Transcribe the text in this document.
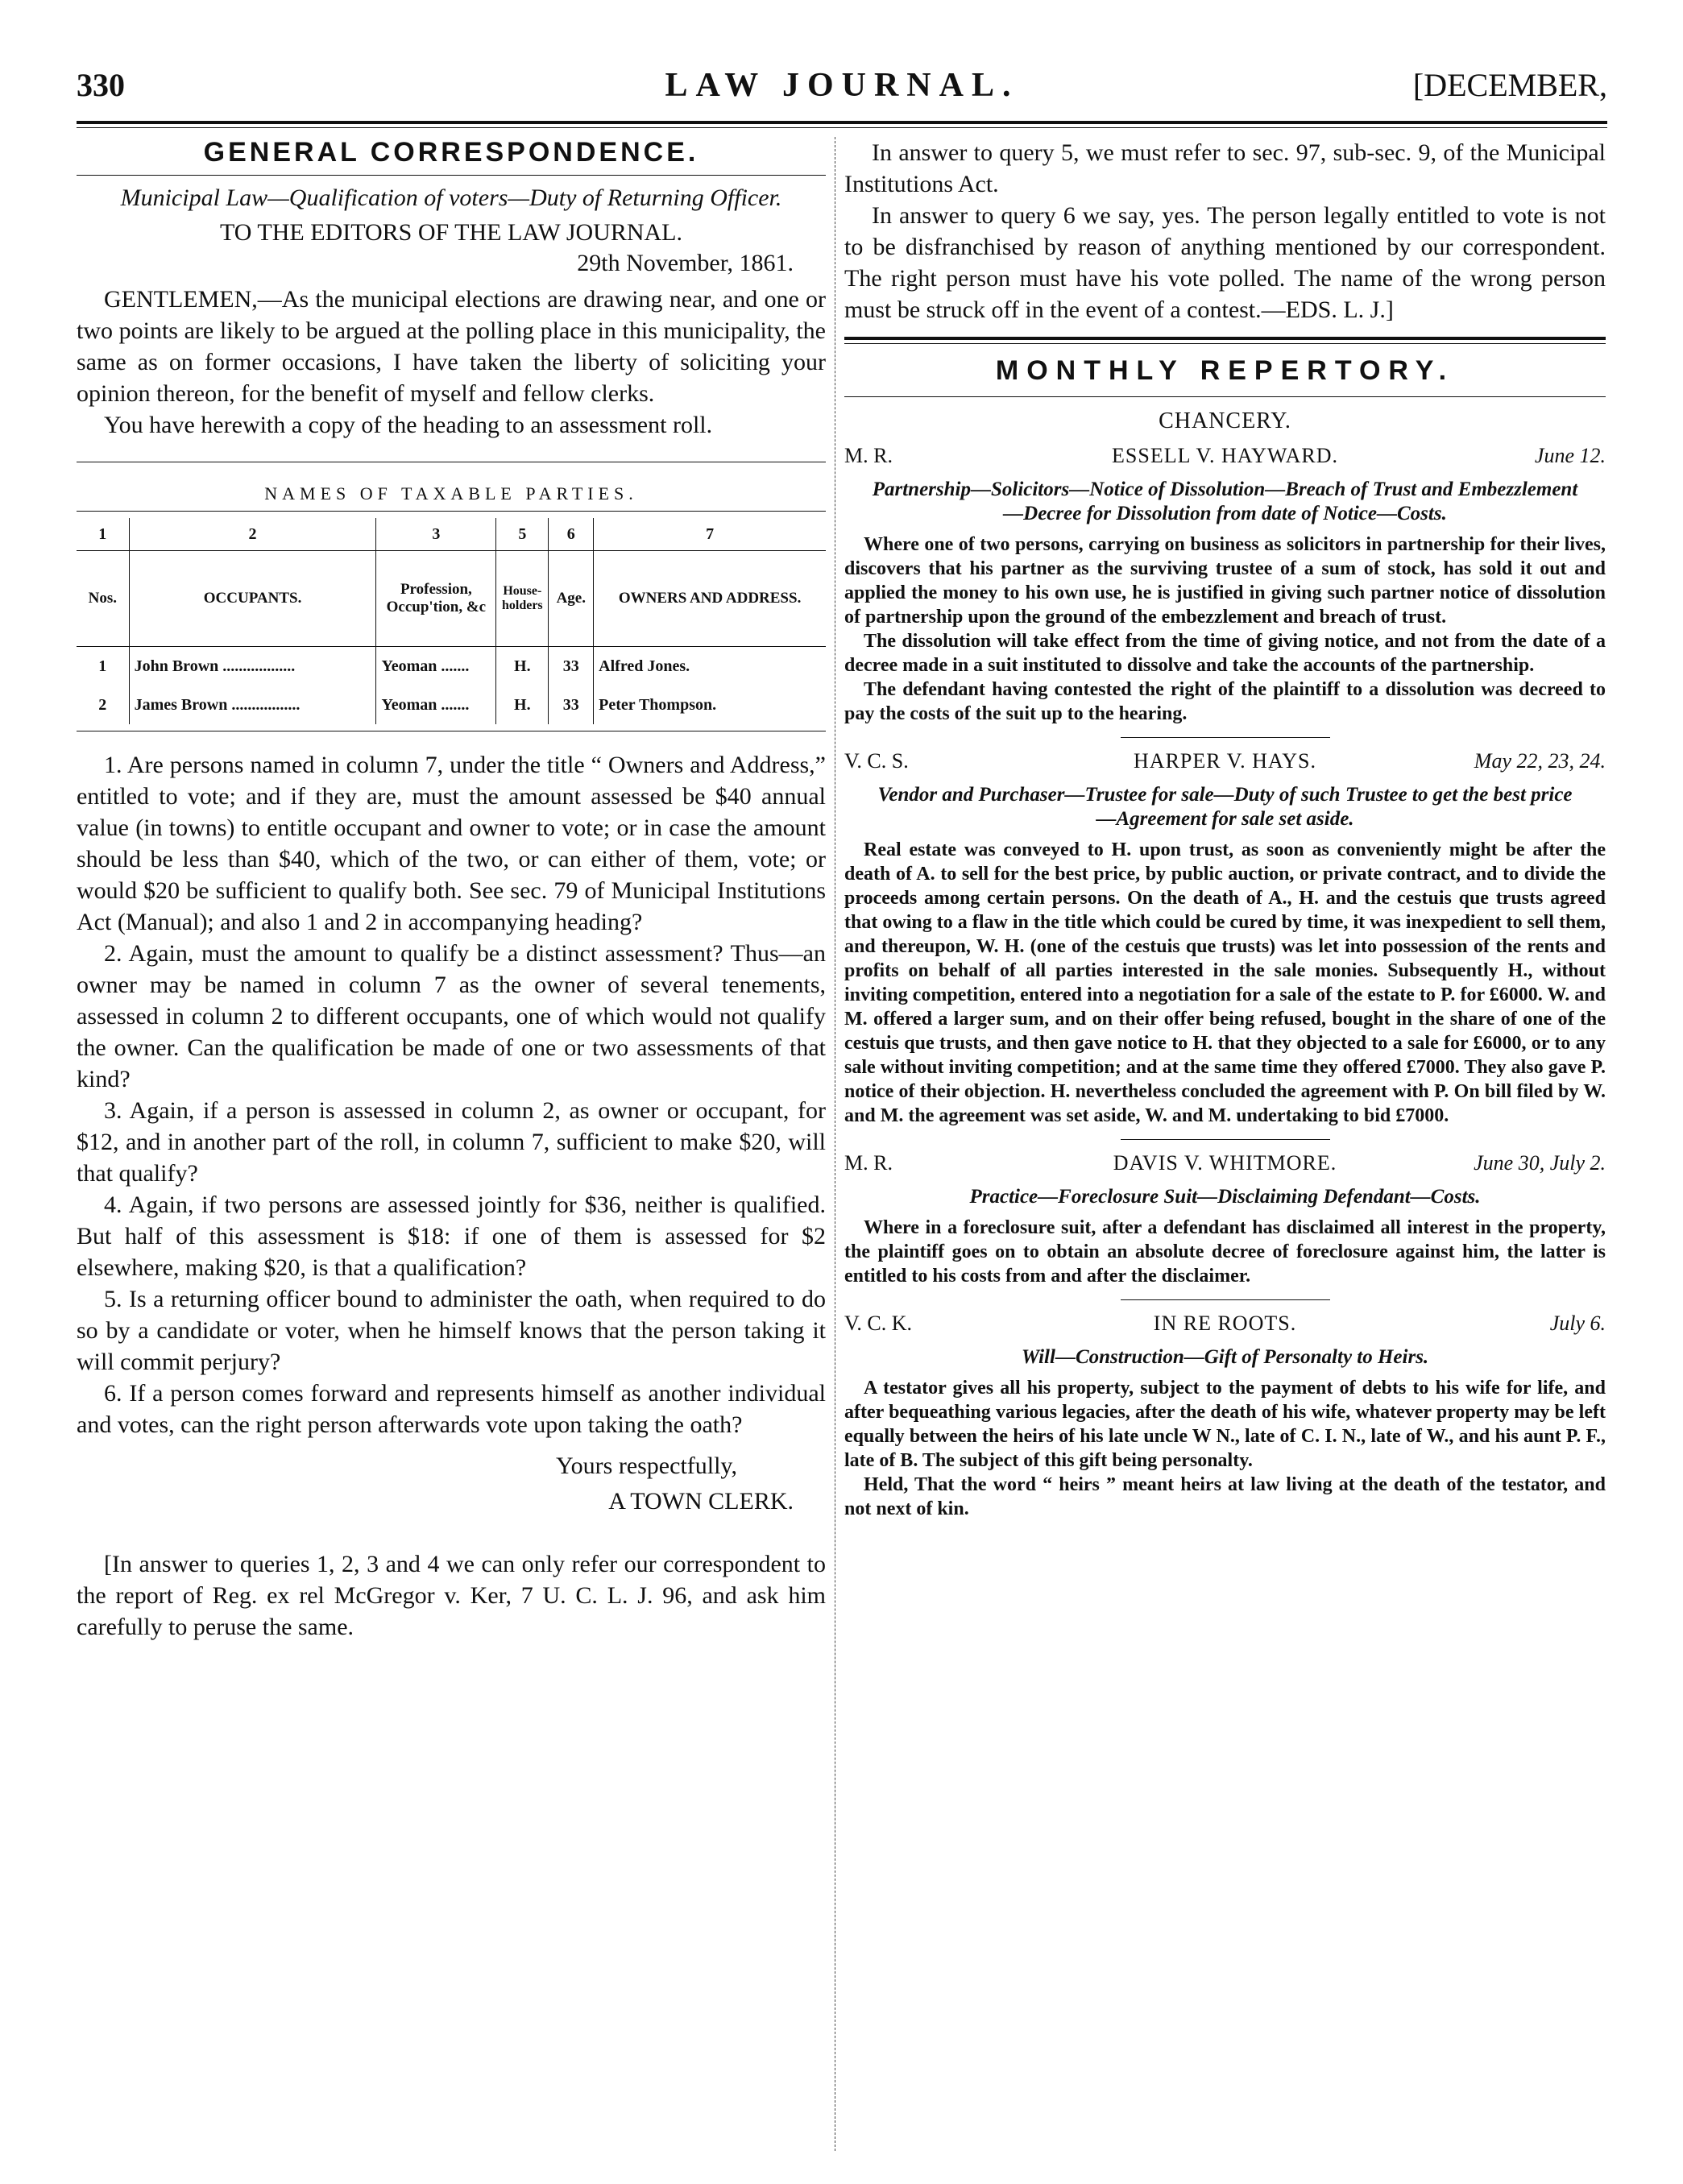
330	LAW JOURNAL.	[DECEMBER,
GENERAL CORRESPONDENCE.
Municipal Law—Qualification of voters—Duty of Returning Officer.
TO THE EDITORS OF THE LAW JOURNAL.
29th November, 1861.

GENTLEMEN,—As the municipal elections are drawing near, and one or two points are likely to be argued at the polling place in this municipality, the same as on former occasions, I have taken the liberty of soliciting your opinion thereon, for the benefit of myself and fellow clerks.

You have herewith a copy of the heading to an assessment roll.

NAMES OF TAXABLE PARTIES.
1	2	3	5	6	7
Nos.	OCCUPANTS.	Profession, Occup'tion, &c	House-holders	Age.	OWNERS AND ADDRESS.
1	John Brown ..................	Yeoman .......	H.	33	Alfred Jones.
2	James Brown .................	Yeoman .......	H.	33	Peter Thompson.

1. Are persons named in column 7, under the title “ Owners and Address,” entitled to vote; and if they are, must the amount assessed be $40 annual value (in towns) to entitle occupant and owner to vote; or in case the amount should be less than $40, which of the two, or can either of them, vote; or would $20 be sufficient to qualify both. See sec. 79 of Municipal Institutions Act (Manual); and also 1 and 2 in accompanying heading?

2. Again, must the amount to qualify be a distinct assessment? Thus—an owner may be named in column 7 as the owner of several tenements, assessed in column 2 to different occupants, one of which would not qualify the owner. Can the qualification be made of one or two assessments of that kind?

3. Again, if a person is assessed in column 2, as owner or occupant, for $12, and in another part of the roll, in column 7, sufficient to make $20, will that qualify?

4. Again, if two persons are assessed jointly for $36, neither is qualified. But half of this assessment is $18: if one of them is assessed for $2 elsewhere, making $20, is that a qualification?

5. Is a returning officer bound to administer the oath, when required to do so by a candidate or voter, when he himself knows that the person taking it will commit perjury?

6. If a person comes forward and represents himself as another individual and votes, can the right person afterwards vote upon taking the oath?

Yours respectfully,
A TOWN CLERK.

[In answer to queries 1, 2, 3 and 4 we can only refer our correspondent to the report of Reg. ex rel McGregor v. Ker, 7 U. C. L. J. 96, and ask him carefully to peruse the same.

In answer to query 5, we must refer to sec. 97, sub-sec. 9, of the Municipal Institutions Act.

In answer to query 6 we say, yes. The person legally entitled to vote is not to be disfranchised by reason of anything mentioned by our correspondent. The right person must have his vote polled. The name of the wrong person must be struck off in the event of a contest.—EDS. L. J.]

MONTHLY REPERTORY.
CHANCERY.
M. R.	ESSELL V. HAYWARD.	June 12.
Partnership—Solicitors—Notice of Dissolution—Breach of Trust and Embezzlement—Decree for Dissolution from date of Notice—Costs.

Where one of two persons, carrying on business as solicitors in partnership for their lives, discovers that his partner as the surviving trustee of a sum of stock, has sold it out and applied the money to his own use, he is justified in giving such partner notice of dissolution of partnership upon the ground of the embezzlement and breach of trust.

The dissolution will take effect from the time of giving notice, and not from the date of a decree made in a suit instituted to dissolve and take the accounts of the partnership.

The defendant having contested the right of the plaintiff to a dissolution was decreed to pay the costs of the suit up to the hearing.

V. C. S.	HARPER V. HAYS.	May 22, 23, 24.
Vendor and Purchaser—Trustee for sale—Duty of such Trustee to get the best price—Agreement for sale set aside.

Real estate was conveyed to H. upon trust, as soon as conveniently might be after the death of A. to sell for the best price, by public auction, or private contract, and to divide the proceeds among certain persons. On the death of A., H. and the cestuis que trusts agreed that owing to a flaw in the title which could be cured by time, it was inexpedient to sell them, and thereupon, W. H. (one of the cestuis que trusts) was let into possession of the rents and profits on behalf of all parties interested in the sale monies. Subsequently H., without inviting competition, entered into a negotiation for a sale of the estate to P. for £6000. W. and M. offered a larger sum, and on their offer being refused, bought in the share of one of the cestuis que trusts, and then gave notice to H. that they objected to a sale for £6000, or to any sale without inviting competition; and at the same time they offered £7000. They also gave P. notice of their objection. H. nevertheless concluded the agreement with P. On bill filed by W. and M. the agreement was set aside, W. and M. undertaking to bid £7000.

M. R.	DAVIS V. WHITMORE.	June 30, July 2.
Practice—Foreclosure Suit—Disclaiming Defendant—Costs.

Where in a foreclosure suit, after a defendant has disclaimed all interest in the property, the plaintiff goes on to obtain an absolute decree of foreclosure against him, the latter is entitled to his costs from and after the disclaimer.

V. C. K.	IN RE ROOTS.	July 6.
Will—Construction—Gift of Personalty to Heirs.

A testator gives all his property, subject to the payment of debts to his wife for life, and after bequeathing various legacies, after the death of his wife, whatever property may be left equally between the heirs of his late uncle W N., late of C. I. N., late of W., and his aunt P. F., late of B. The subject of this gift being personalty.

Held, That the word “ heirs ” meant heirs at law living at the death of the testator, and not next of kin.
